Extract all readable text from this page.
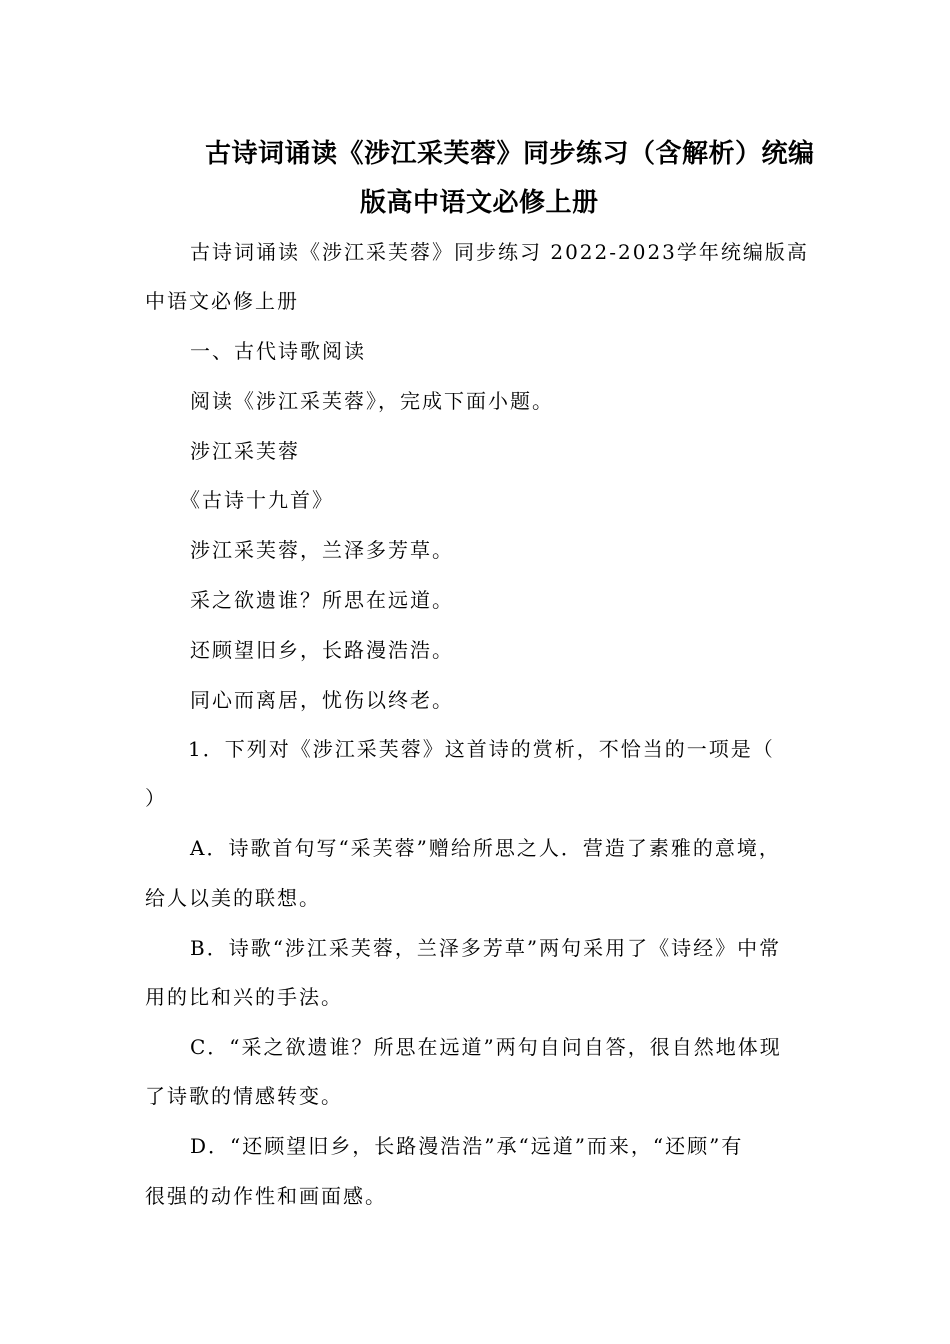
古诗词诵读《涉江采芙蓉》同步练习（含解析）统编
版高中语文必修上册
古诗词诵读《涉江采芙蓉》同步练习 2022-2023学年统编版高
中语文必修上册
一、古代诗歌阅读
阅读《涉江采芙蓉》，完成下面小题。
涉江采芙蓉
《古诗十九首》
涉江采芙蓉，兰泽多芳草。
采之欲遗谁？所思在远道。
还顾望旧乡，长路漫浩浩。
同心而离居，忧伤以终老。
1．下列对《涉江采芙蓉》这首诗的赏析，不恰当的一项是（
）
A．诗歌首句写“采芙蓉”赠给所思之人．营造了素雅的意境，
给人以美的联想。
B．诗歌“涉江采芙蓉，兰泽多芳草”两句采用了《诗经》中常
用的比和兴的手法。
C．“采之欲遗谁？所思在远道”两句自问自答，很自然地体现
了诗歌的情感转变。
D．“还顾望旧乡，长路漫浩浩”承“远道”而来，“还顾”有
很强的动作性和画面感。
